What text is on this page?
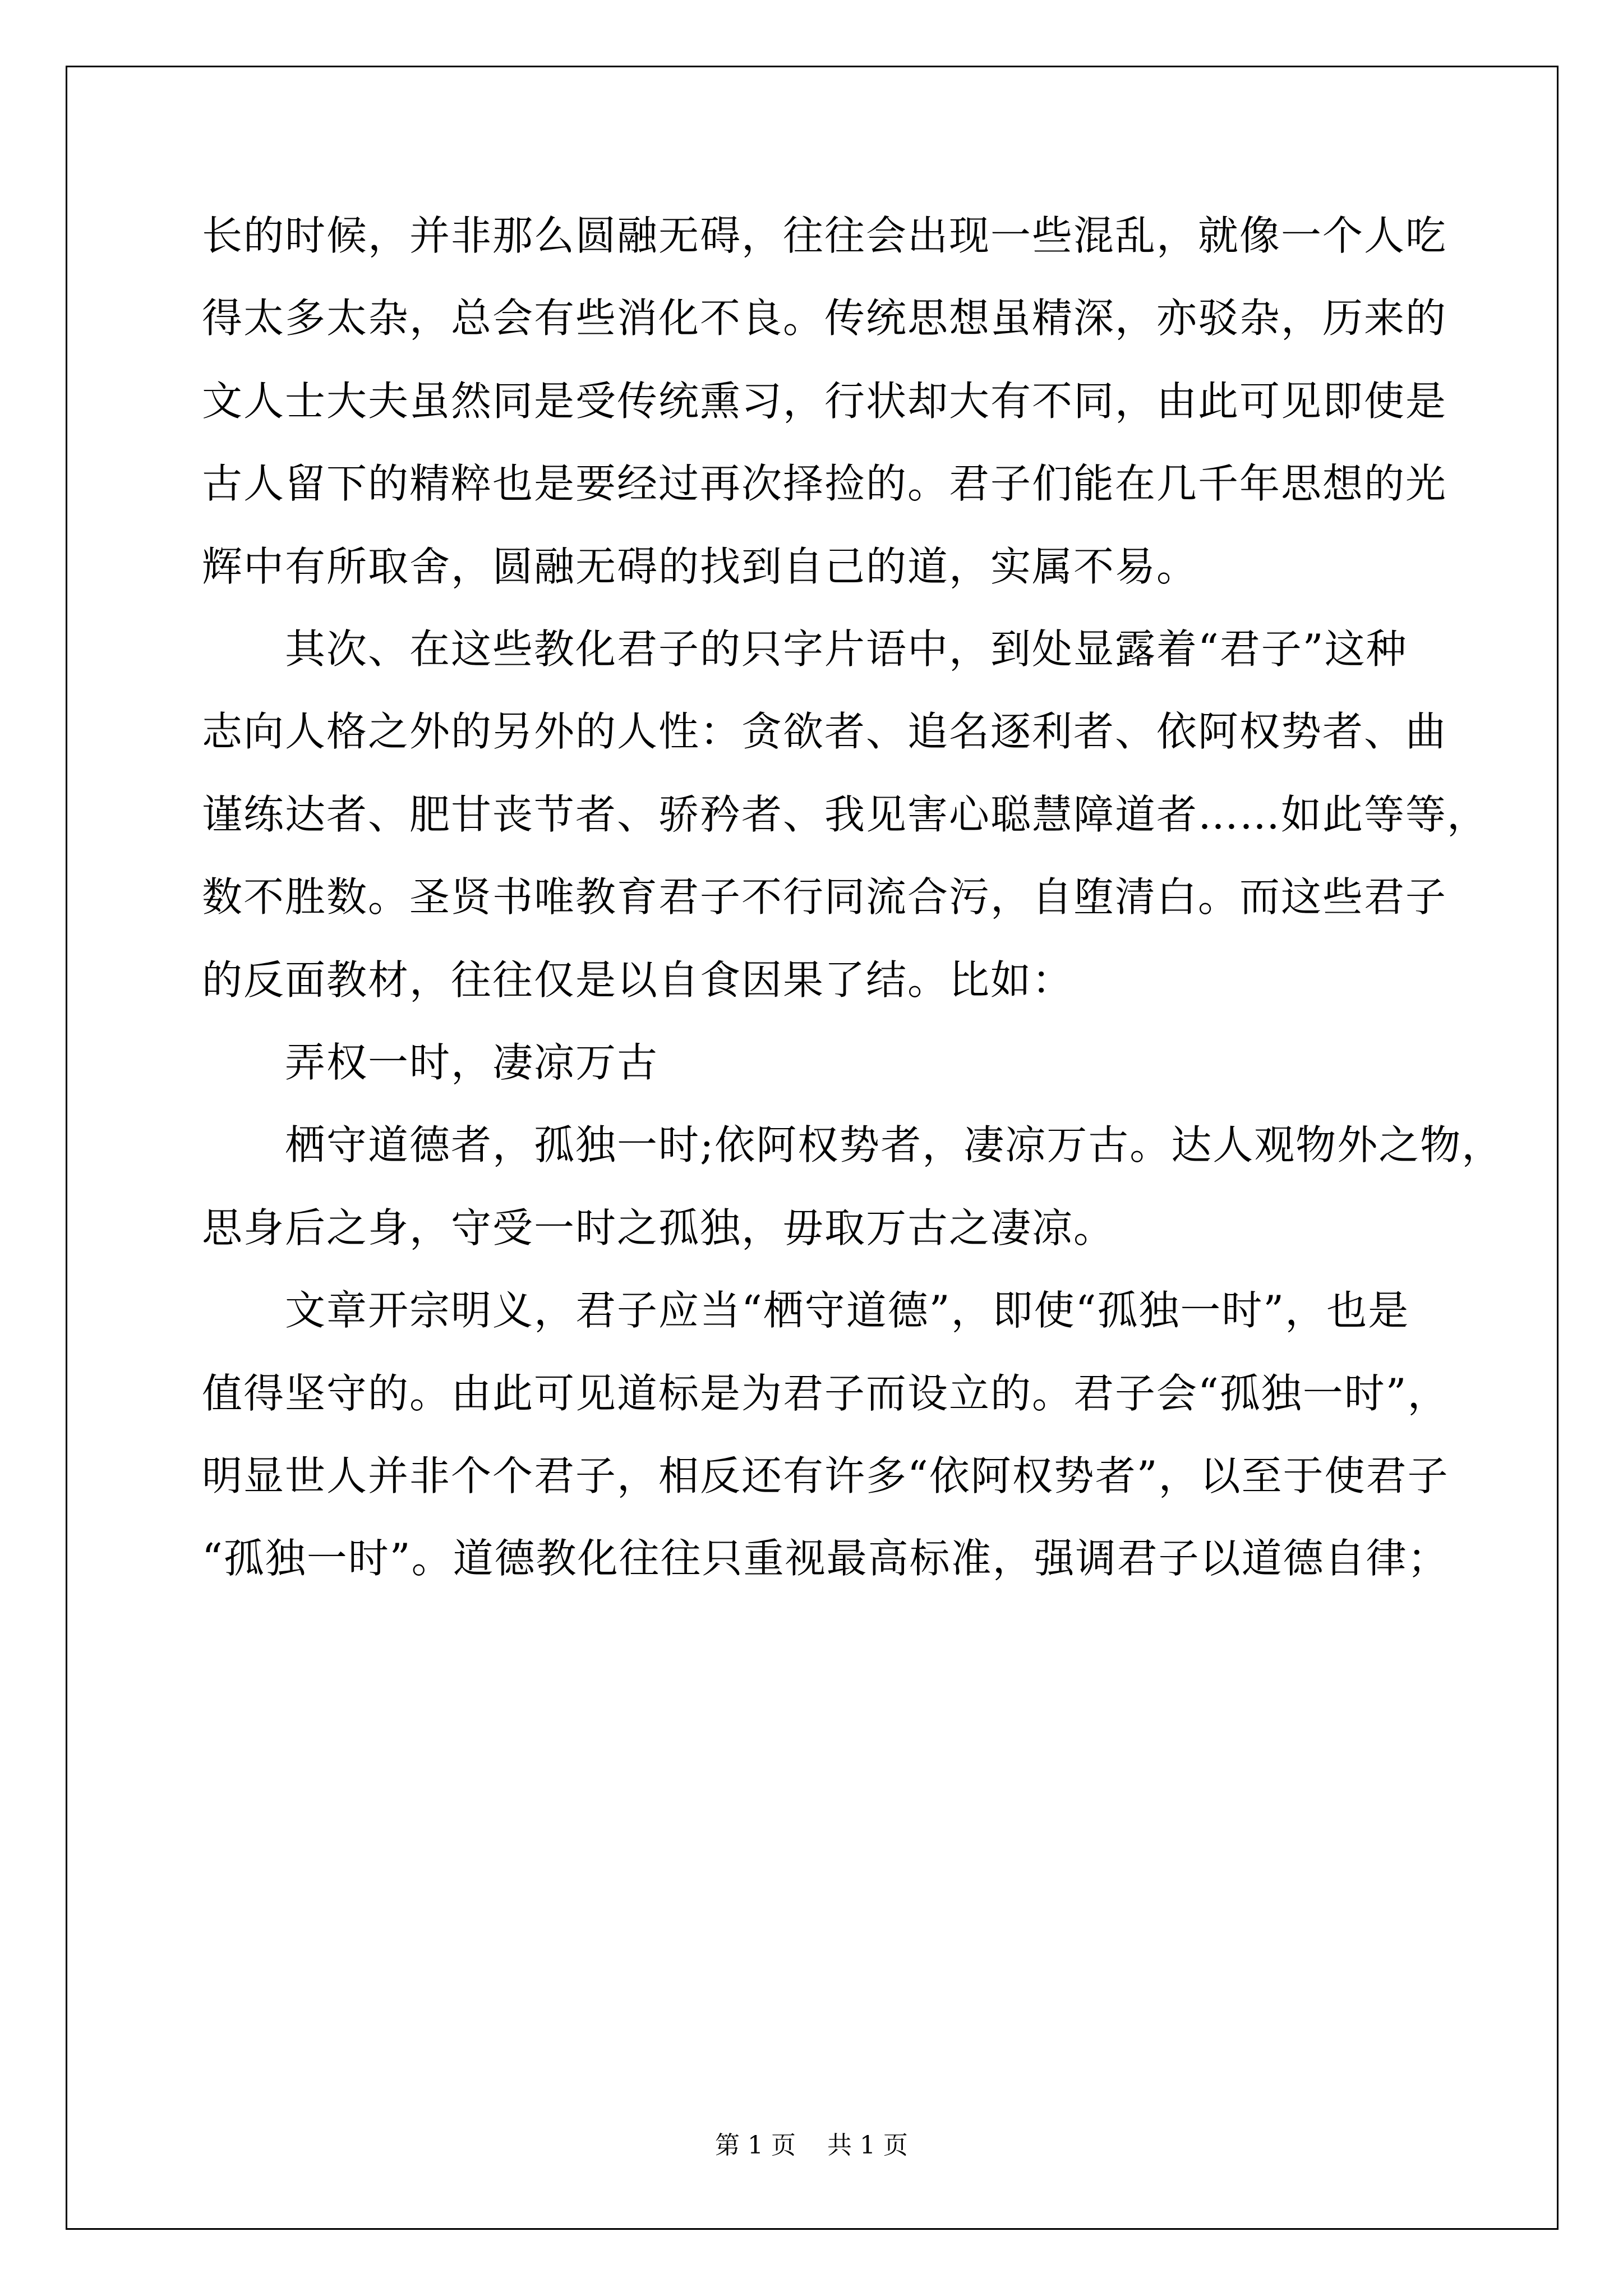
长的时候，并非那么圆融无碍，往往会出现一些混乱，就像一个人吃
得太多太杂，总会有些消化不良。传统思想虽精深，亦驳杂，历来的
文人士大夫虽然同是受传统熏习，行状却大有不同，由此可见即使是
古人留下的精粹也是要经过再次择捡的。君子们能在几千年思想的光
辉中有所取舍，圆融无碍的找到自己的道，实属不易。
其次、在这些教化君子的只字片语中，到处显露着“君子”这种
志向人格之外的另外的人性：贪欲者、追名逐利者、依阿权势者、曲
谨练达者、肥甘丧节者、骄矜者、我见害心聪慧障道者……如此等等，
数不胜数。圣贤书唯教育君子不行同流合污，自堕清白。而这些君子
的反面教材，往往仅是以自食因果了结。比如：
弄权一时，凄凉万古
栖守道德者，孤独一时;依阿权势者，凄凉万古。达人观物外之物，
思身后之身，守受一时之孤独，毋取万古之凄凉。
文章开宗明义，君子应当“栖守道德”，即使“孤独一时”，也是
值得坚守的。由此可见道标是为君子而设立的。君子会“孤独一时”，
明显世人并非个个君子，相反还有许多“依阿权势者”，以至于使君子
“孤独一时”。道德教化往往只重视最高标准，强调君子以道德自律；
第 1 页    共 1 页
